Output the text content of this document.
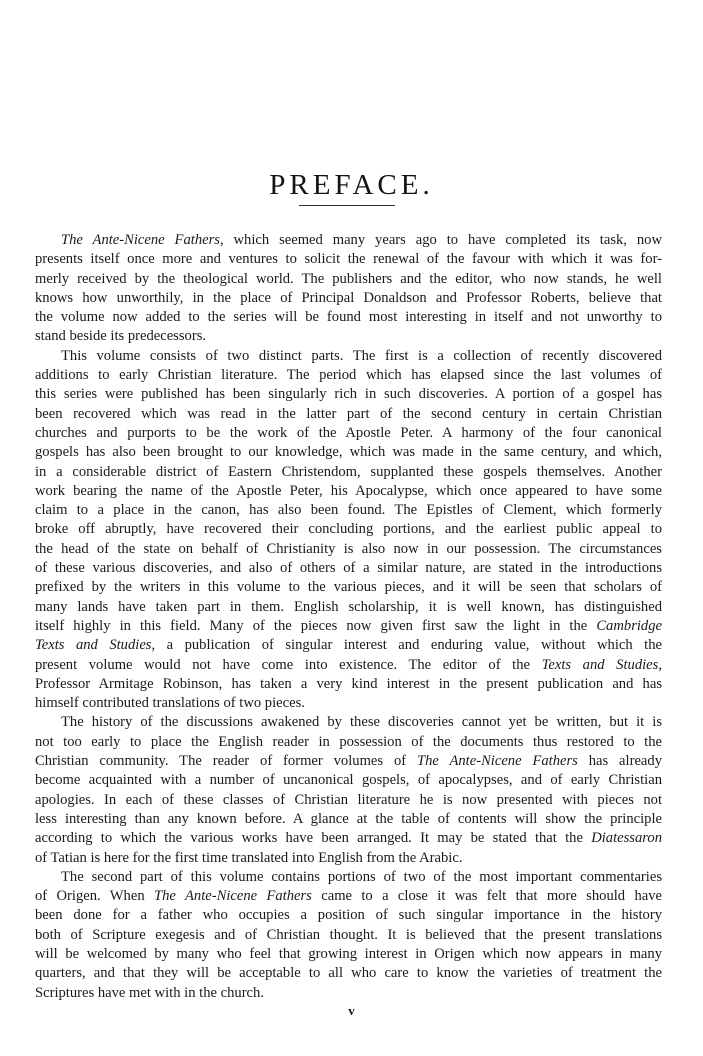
PREFACE.
The Ante-Nicene Fathers, which seemed many years ago to have completed its task, now
presents itself once more and ventures to solicit the renewal of the favour with which it was for-
merly received by the theological world. The publishers and the editor, who now stands, he well
knows how unworthily, in the place of Principal Donaldson and Professor Roberts, believe that
the volume now added to the series will be found most interesting in itself and not unworthy to
stand beside its predecessors.
This volume consists of two distinct parts. The first is a collection of recently discovered
additions to early Christian literature. The period which has elapsed since the last volumes of
this series were published has been singularly rich in such discoveries. A portion of a gospel has
been recovered which was read in the latter part of the second century in certain Christian
churches and purports to be the work of the Apostle Peter. A harmony of the four canonical
gospels has also been brought to our knowledge, which was made in the same century, and which,
in a considerable district of Eastern Christendom, supplanted these gospels themselves. Another
work bearing the name of the Apostle Peter, his Apocalypse, which once appeared to have some
claim to a place in the canon, has also been found. The Epistles of Clement, which formerly
broke off abruptly, have recovered their concluding portions, and the earliest public appeal to
the head of the state on behalf of Christianity is also now in our possession. The circumstances
of these various discoveries, and also of others of a similar nature, are stated in the introductions
prefixed by the writers in this volume to the various pieces, and it will be seen that scholars of
many lands have taken part in them. English scholarship, it is well known, has distinguished
itself highly in this field. Many of the pieces now given first saw the light in the Cambridge
Texts and Studies, a publication of singular interest and enduring value, without which the
present volume would not have come into existence. The editor of the Texts and Studies,
Professor Armitage Robinson, has taken a very kind interest in the present publication and has
himself contributed translations of two pieces.
The history of the discussions awakened by these discoveries cannot yet be written, but it is
not too early to place the English reader in possession of the documents thus restored to the
Christian community. The reader of former volumes of The Ante-Nicene Fathers has already
become acquainted with a number of uncanonical gospels, of apocalypses, and of early Christian
apologies. In each of these classes of Christian literature he is now presented with pieces not
less interesting than any known before. A glance at the table of contents will show the principle
according to which the various works have been arranged. It may be stated that the Diatessaron
of Tatian is here for the first time translated into English from the Arabic.
The second part of this volume contains portions of two of the most important commentaries
of Origen. When The Ante-Nicene Fathers came to a close it was felt that more should have
been done for a father who occupies a position of such singular importance in the history
both of Scripture exegesis and of Christian thought. It is believed that the present translations
will be welcomed by many who feel that growing interest in Origen which now appears in many
quarters, and that they will be acceptable to all who care to know the varieties of treatment the
Scriptures have met with in the church.
v
